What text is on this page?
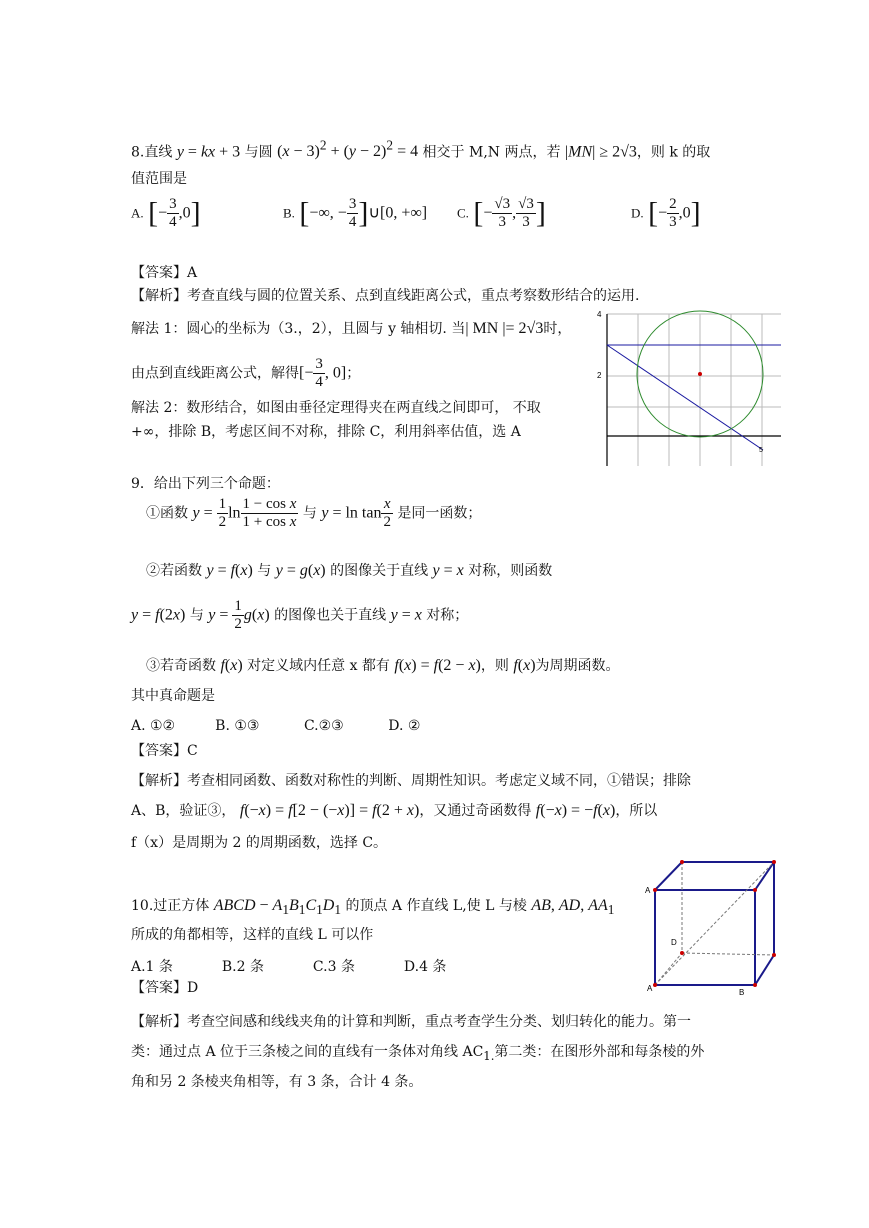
8.直线 y = kx + 3 与圆 $(x - 3)^2 + (y - 2)^2 = 4$ 相交于 M,N 两点，若 |MN| ≥ 2√3，则 k 的取
值范围是
A. [− $\frac{3}{4} ,0$]	B. [−∞, − $\frac{3}{4}$ ]∪[0, +∞] C. [− $\frac{√3}{3}$ , $\frac{√3}{3}$ ]	D. [− $\frac{2}{3} ,0$]
【答案】A
【解析】考查直线与圆的位置关系、点到直线距离公式，重点考察数形结合的运用.
解法 1：圆心的坐标为（3.，2），且圆与 y 轴相切. 当| MN |= 2√3时，
由点到直线距离公式，解得[− $\frac{3}{4}$ , 0]；
解法 2：数形结合，如图由垂径定理得夹在两直线之间即可， 不取
+∞，排除 B，考虑区间不对称，排除 C，利用斜率估值，选 A
4
2
5
9．给出下列三个命题：
①函数 $y = \frac{1}{2}$ $\ln \frac{\text{1 − cos x}}{\text{1 + cos x}}$ 与 $y = \ln \tan \frac{x}{2}$ 是同一函数；
②若函数 y = f(x) 与 y = g(x) 的图像关于直线 y = x 对称，则函数
y = f(2x) 与 $y = \frac{1}{2} g(x)$ 的图像也关于直线 y = x 对称；
③若奇函数 f(x) 对定义域内任意 x 都有 f(x) = f(2 − x)，则 f(x)为周期函数。
其中真命题是
A. ①②         B. ①③          C.②③          D. ②
【答案】C
【解析】考查相同函数、函数对称性的判断、周期性知识。考虑定义域不同，①错误；排除
A、B，验证③， f(−x) = f[2 − (−x)] = f(2 + x)，又通过奇函数得 f(−x) = −f(x)，所以
f（x）是周期为 2 的周期函数，选择 C。
10.过正方体 ABCD − $A_1B_1C_1D_1$ 的顶点 A 作直线 L,使 L 与棱 AB, AD, $AA_1$
所成的角都相等，这样的直线 L 可以作
A.1 条           B.2 条           C.3 条           D.4 条
【答案】D
【解析】考查空间感和线线夹角的计算和判断，重点考查学生分类、划归转化的能力。第一
类：通过点 A 位于三条棱之间的直线有一条体对角线 $AC_{1.}$第二类：在图形外部和每条棱的外
角和另 2 条棱夹角相等，有 3 条，合计 4 条。
A
D
A	B
